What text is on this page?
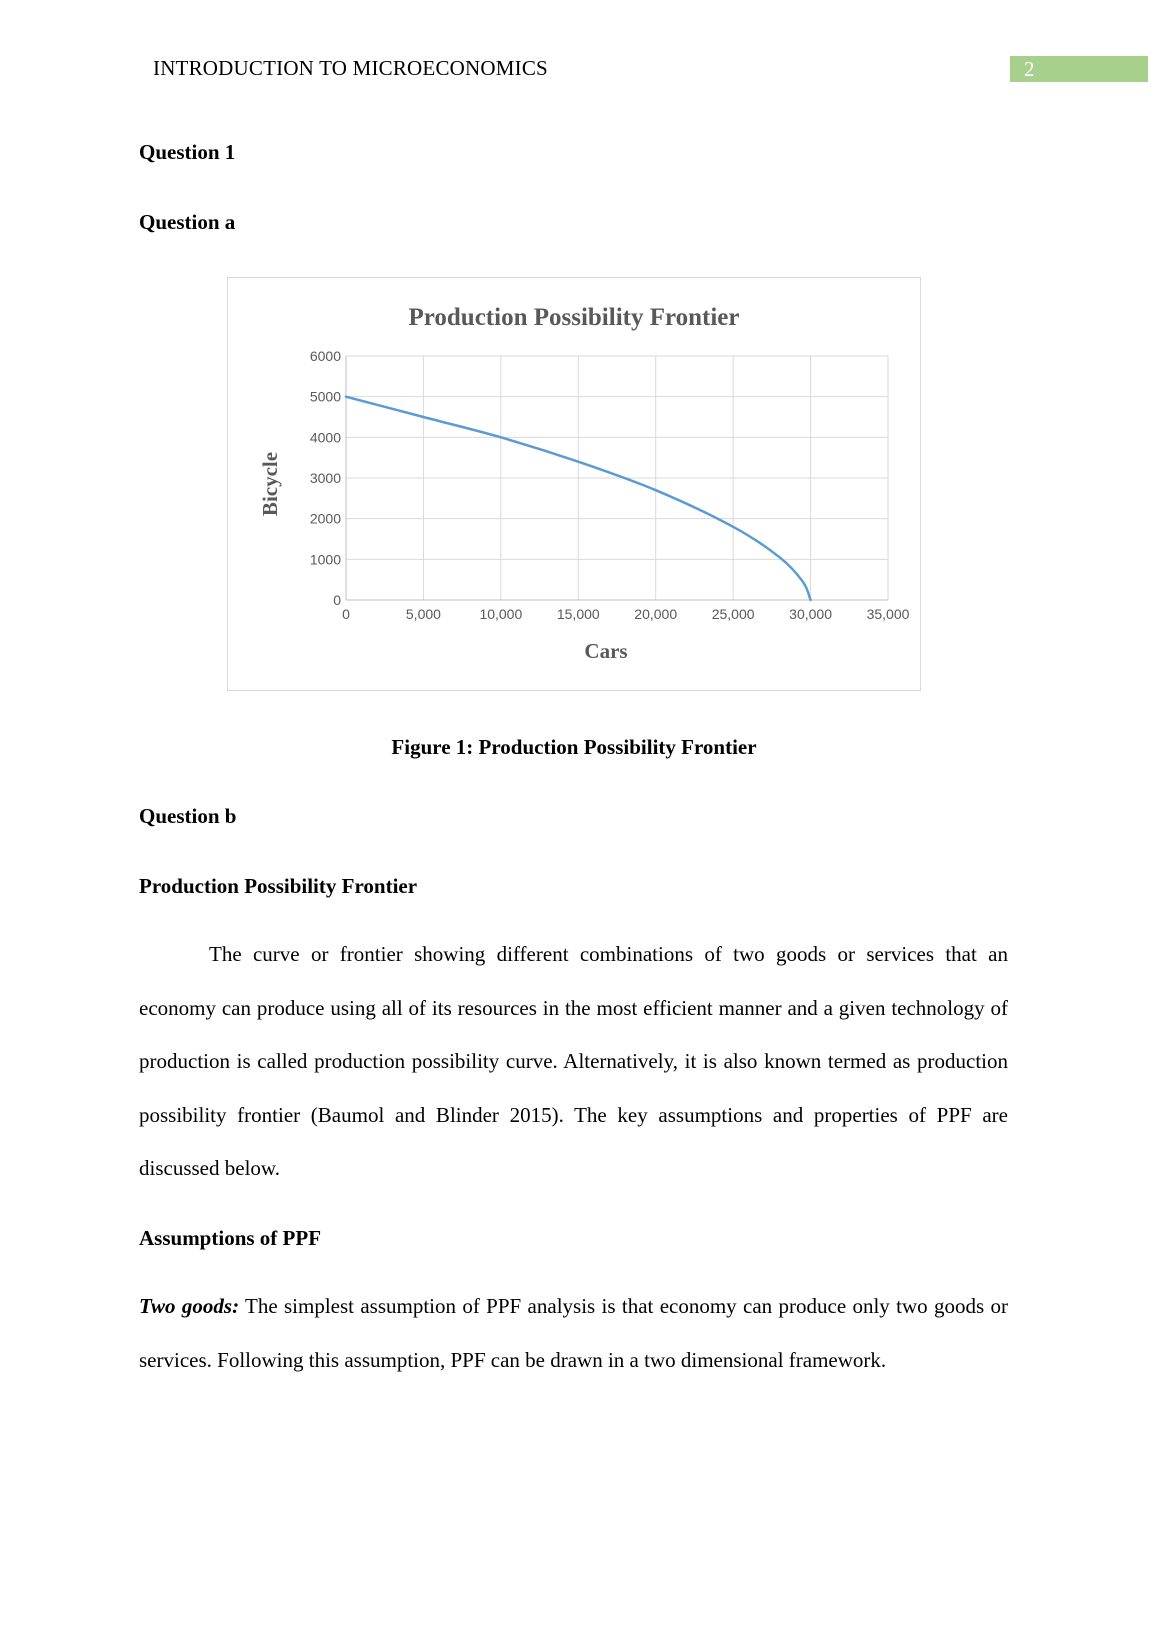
INTRODUCTION TO MICROECONOMICS	2
Question 1
Question a
Production Possibility Frontier
0
1000
2000
3000
4000
5000
6000
0	5,000	10,000 15,000 20,000 25,000 30,000 35,000
Cars
Bicycle
Figure 1: Production Possibility Frontier
Question b
Production Possibility Frontier
The curve or frontier showing different combinations of two goods or services that an economy can produce using all of its resources in the most efficient manner and a given technology of production is called production possibility curve. Alternatively, it is also known termed as production possibility frontier (Baumol and Blinder 2015). The key assumptions and properties of PPF are discussed below.
Assumptions of PPF
Two goods: The simplest assumption of PPF analysis is that economy can produce only two goods or services. Following this assumption, PPF can be drawn in a two dimensional framework.
